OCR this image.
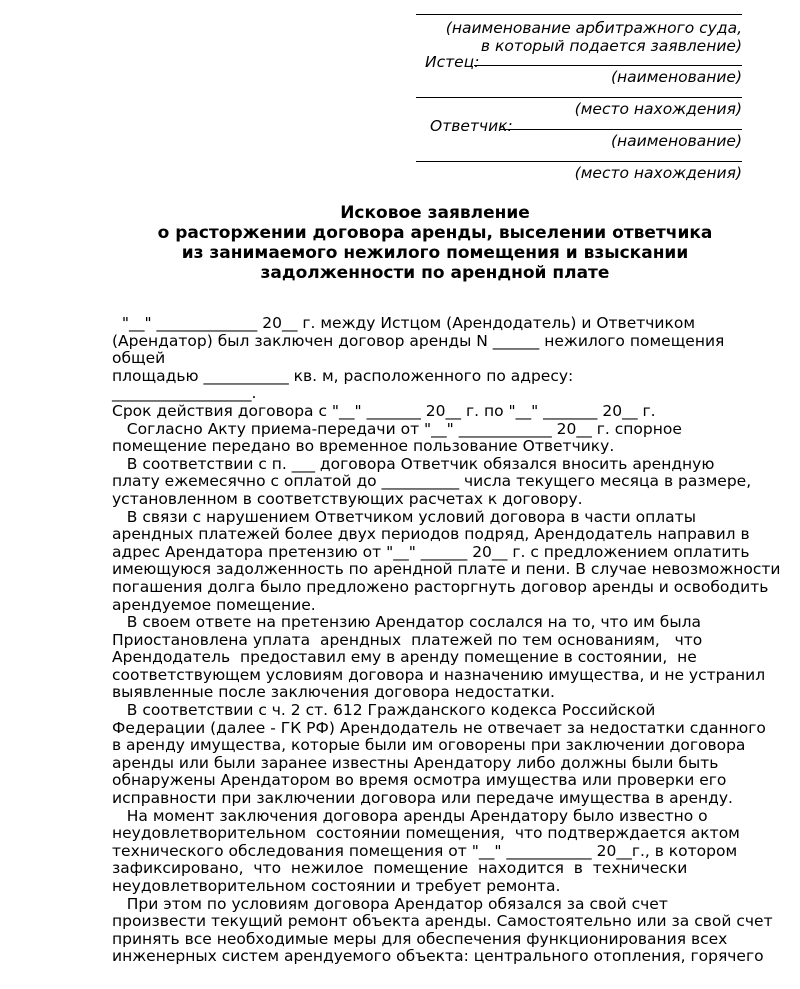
(наименование арбитражного суда,
в который подается заявление)
Истец:
(наименование)
(место нахождения)
Ответчик:
(наименование)
(место нахождения)
Исковое заявление
о расторжении договора аренды, выселении ответчика
из занимаемого нежилого помещения и взыскании
задолженности по арендной плате

"__" _____________ 20__ г. между Истцом (Арендодатель) и Ответчиком

(Арендатор) был заключен договор аренды N ______ нежилого помещения

общей

площадью ___________ кв. м, расположенного по адресу:

__________________.

Срок действия договора с "__" _______ 20__ г. по "__" _______ 20__ г.

Согласно Акту приема-передачи от "__" ____________ 20__ г. спорное

помещение передано во временное пользование Ответчику.

В соответствии с п. ___ договора Ответчик обязался вносить арендную

плату ежемесячно с оплатой до __________ числа текущего месяца в размере,

установленном в соответствующих расчетах к договору.

В связи с нарушением Ответчиком условий договора в части оплаты

арендных платежей более двух периодов подряд, Арендодатель направил в

адрес Арендатора претензию от "__" ______ 20__ г. с предложением оплатить

имеющуюся задолженность по арендной плате и пени. В случае невозможности

погашения долга было предложено расторгнуть договор аренды и освободить

арендуемое помещение.

В своем ответе на претензию Арендатор сослался на то, что им была

Приостановлена уплата  арендных  платежей по тем основаниям,   что

Арендодатель  предоставил ему в аренду помещение в состоянии,  не

соответствующем условиям договора и назначению имущества, и не устранил

выявленные после заключения договора недостатки.

В соответствии с ч. 2 ст. 612 Гражданского кодекса Российской

Федерации (далее - ГК РФ) Арендодатель не отвечает за недостатки сданного

в аренду имущества, которые были им оговорены при заключении договора

аренды или были заранее известны Арендатору либо должны были быть

обнаружены Арендатором во время осмотра имущества или проверки его

исправности при заключении договора или передаче имущества в аренду.

На момент заключения договора аренды Арендатору было известно о

неудовлетворительном  состоянии помещения,  что подтверждается актом

технического обследования помещения от "__" ___________ 20__г., в котором

зафиксировано,  что  нежилое  помещение  находится  в  технически

неудовлетворительном состоянии и требует ремонта.

При этом по условиям договора Арендатор обязался за свой счет

произвести текущий ремонт объекта аренды. Самостоятельно или за свой счет

принять все необходимые меры для обеспечения функционирования всех

инженерных систем арендуемого объекта: центрального отопления, горячего
